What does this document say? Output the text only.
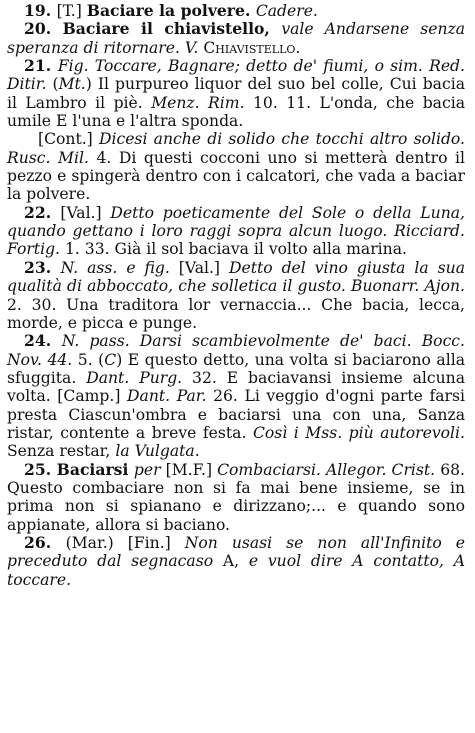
19. [T.] Baciare la polvere. Cadere.

20. Baciare il chiavistello, vale Andarsene senza speranza di ritornare. V. Chiavistello.

21. Fig. Toccare, Bagnare; detto de' fiumi, o sim. Red. Ditir. (Mt.) Il purpureo liquor del suo bel colle, Cui bacia il Lambro il piè. Menz. Rim. 10. 11. L'onda, che bacia umile E l'una e l'altra sponda.

[Cont.] Dicesi anche di solido che tocchi altro solido. Rusc. Mil. 4. Di questi cocconi uno si metterà dentro il pezzo e spingerà dentro con i calcatori, che vada a baciar la polvere.

22. [Val.] Detto poeticamente del Sole o della Luna, quando gettano i loro raggi sopra alcun luogo. Ricciard. Fortig. 1. 33. Già il sol baciava il volto alla marina.

23. N. ass. e fig. [Val.] Detto del vino giusta la sua qualità di abboccato, che solletica il gusto. Buonarr. Ajon. 2. 30. Una traditora lor vernaccia... Che bacia, lecca, morde, e picca e punge.

24. N. pass. Darsi scambievolmente de' baci. Bocc. Nov. 44. 5. (C) E questo detto, una volta si baciarono alla sfuggita. Dant. Purg. 32. E baciavansi insieme alcuna volta. [Camp.] Dant. Par. 26. Li veggio d'ogni parte farsi presta Ciascun'ombra e baciarsi una con una, Sanza ristar, contente a breve festa. Così i Mss. più autorevoli. Senza restar, la Vulgata.

25. Baciarsi per [M.F.] Combaciarsi. Allegor. Crist. 68. Questo combaciare non si fa mai bene insieme, se in prima non si spianano e dirizzano;... e quando sono appianate, allora si baciano.

26. (Mar.) [Fin.] Non usasi se non all'Infinito e preceduto dal segnacaso A, e vuol dire A contatto, A toccare.
